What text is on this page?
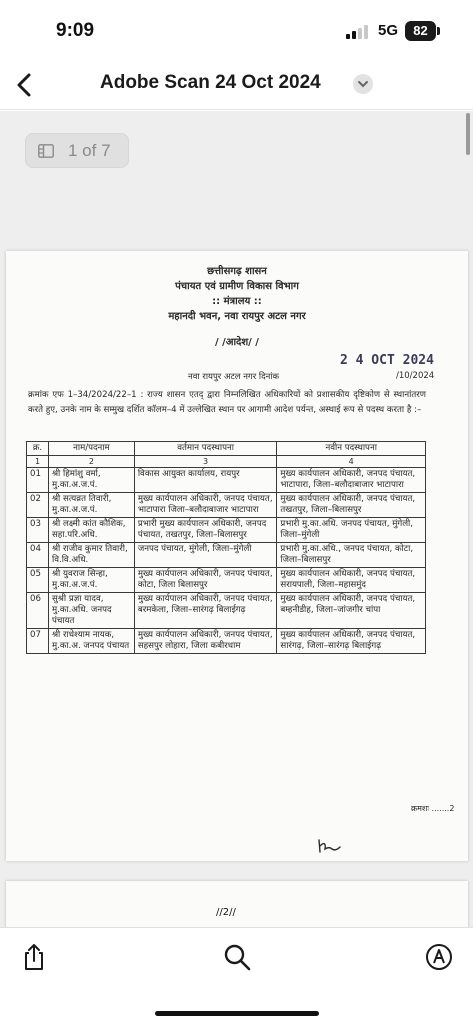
9:09	5G	82
Adobe Scan 24 Oct 2024
1 of 7
छत्तीसगढ़ शासन
पंचायत एवं ग्रामीण विकास विभाग
:: मंत्रालय ::
महानदी भवन, नवा रायपुर अटल नगर
/ /आदेश/ /
2 4 OCT 2024
नवा रायपुर अटल नगर दिनांक	/10/2024

क्रमांक एफ 1–34/2024/22–1 : राज्य शासन एतद् द्वारा निम्नलिखित अधिकारियों को प्रशासकीय दृष्टिकोण से स्थानांतरण करते हुए, उनके नाम के सम्मुख दर्शित कॉलम–4 में उल्लेखित स्थान पर आगामी आदेश पर्यन्त, अस्थाई रूप से पदस्थ करता है :–

क्र.	नाम/पदनाम	वर्तमान पदस्थापना	नवीन पदस्थापना
1	2	3	4
01	श्री हिमांशु वर्मा, मु.का.अ.ज.पं.	विकास आयुक्त कार्यालय, रायपुर	मुख्य कार्यपालन अधिकारी, जनपद पंचायत, भाटापारा, जिला–बलौदाबाजार भाटापारा
02	श्री सत्यव्रत तिवारी, मु.का.अ.ज.पं.	मुख्य कार्यपालन अधिकारी, जनपद पंचायत, भाटापारा जिला–बलौदाबाजार भाटापारा	मुख्य कार्यपालन अधिकारी, जनपद पंचायत, तखतपुर, जिला–बिलासपुर
03	श्री लक्ष्मी कांत कौशिक, सहा.परि.अधि.	प्रभारी मुख्य कार्यपालन अधिकारी, जनपद पंचायत, तखतपुर, जिला–बिलासपुर	प्रभारी मु.का.अधि. जनपद पंचायत, मुंगेली, जिला–मुंगेली
04	श्री राजीव कुमार तिवारी, वि.वि.अधि.	जनपद पंचायत, मुंगेली, जिला–मुंगेली	प्रभारी मु.का.अधि., जनपद पंचायत, कोटा, जिला–बिलासपुर
05	श्री युवराज सिन्हा, मु.का.अ.ज.पं.	मुख्य कार्यपालन अधिकारी, जनपद पंचायत, कोटा, जिला बिलासपुर	मुख्य कार्यपालन अधिकारी, जनपद पंचायत, सरायपाली, जिला–महासमुंद
06	सुश्री प्रज्ञा यादव, मु.का.अधि. जनपद पंचायत	मुख्य कार्यपालन अधिकारी, जनपद पंचायत, बरमकेला, जिला–सारंगढ़ बिलाईगढ़	मुख्य कार्यपालन अधिकारी, जनपद पंचायत, बम्हनीडीह, जिला–जांजगीर चांपा
07	श्री राधेश्याम नायक, मु.का.अ. जनपद पंचायत	मुख्य कार्यपालन अधिकारी, जनपद पंचायत, सहसपुर लोहारा, जिला कबीरधाम	मुख्य कार्यपालन अधिकारी, जनपद पंचायत, सारंगढ़, जिला–सारंगढ़ बिलाईगढ़
क्रमशः .......2
//2//
